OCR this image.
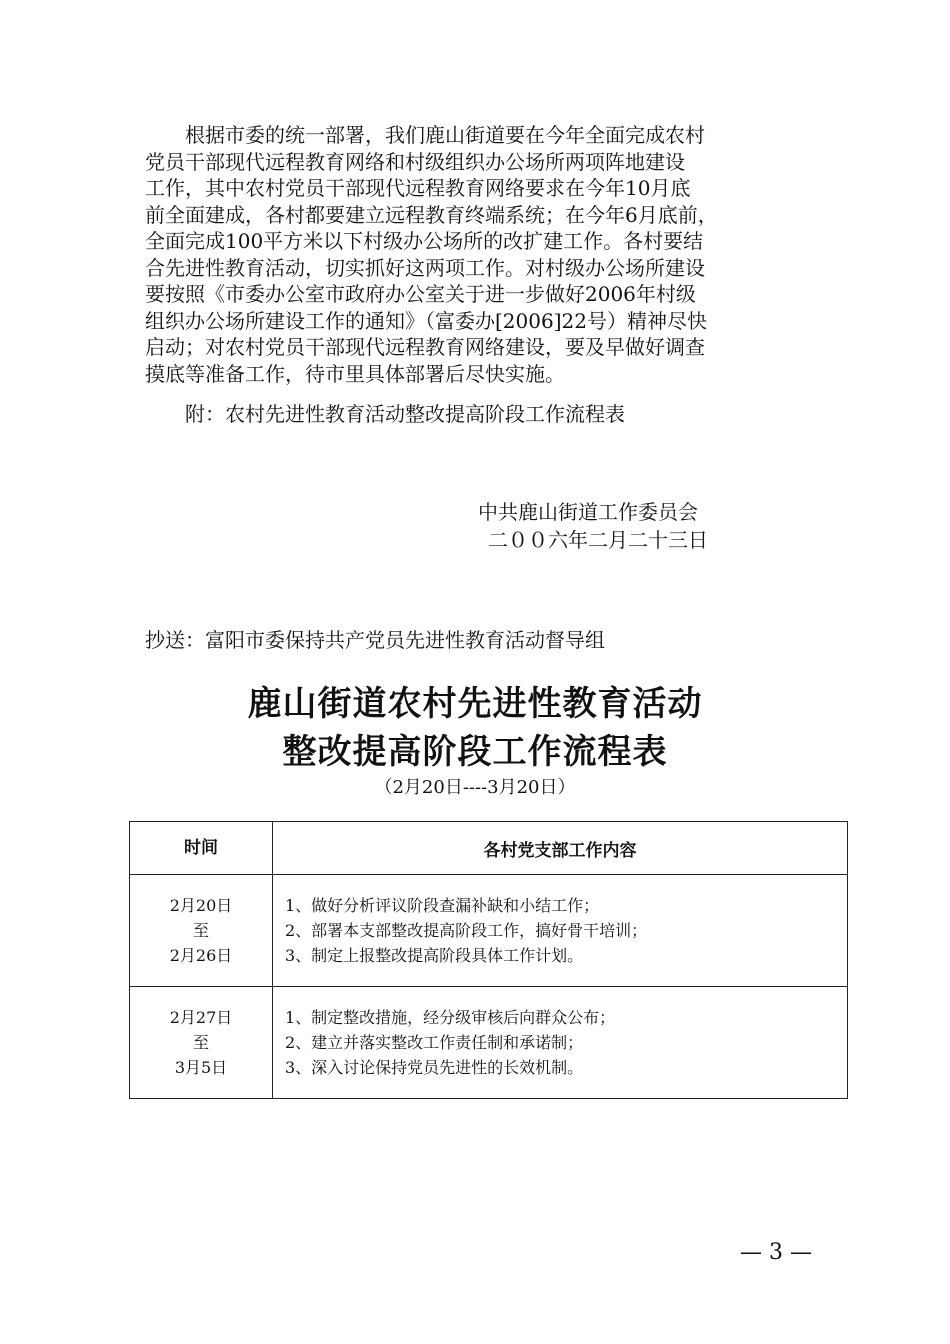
根据市委的统一部署，我们鹿山街道要在今年全面完成农村
党员干部现代远程教育网络和村级组织办公场所两项阵地建设
工作，其中农村党员干部现代远程教育网络要求在今年10月底
前全面建成，各村都要建立远程教育终端系统；在今年6月底前，
全面完成100平方米以下村级办公场所的改扩建工作。各村要结
合先进性教育活动，切实抓好这两项工作。对村级办公场所建设
要按照《市委办公室市政府办公室关于进一步做好2006年村级
组织办公场所建设工作的通知》（富委办[2006]22号）精神尽快
启动；对农村党员干部现代远程教育网络建设，要及早做好调查
摸底等准备工作，待市里具体部署后尽快实施。

附：农村先进性教育活动整改提高阶段工作流程表

中共鹿山街道工作委员会

二００六年二月二十三日

抄送：富阳市委保持共产党员先进性教育活动督导组

鹿山街道农村先进性教育活动
整改提高阶段工作流程表

（2月20日----3月20日）

时间	各村党支部工作内容

2月20日
至
2月26日	1、做好分析评议阶段查漏补缺和小结工作；
2、部署本支部整改提高阶段工作，搞好骨干培训；
3、制定上报整改提高阶段具体工作计划。

2月27日
至
3月5日	1、制定整改措施，经分级审核后向群众公布；
2、建立并落实整改工作责任制和承诺制；
3、深入讨论保持党员先进性的长效机制。

— 3 —
